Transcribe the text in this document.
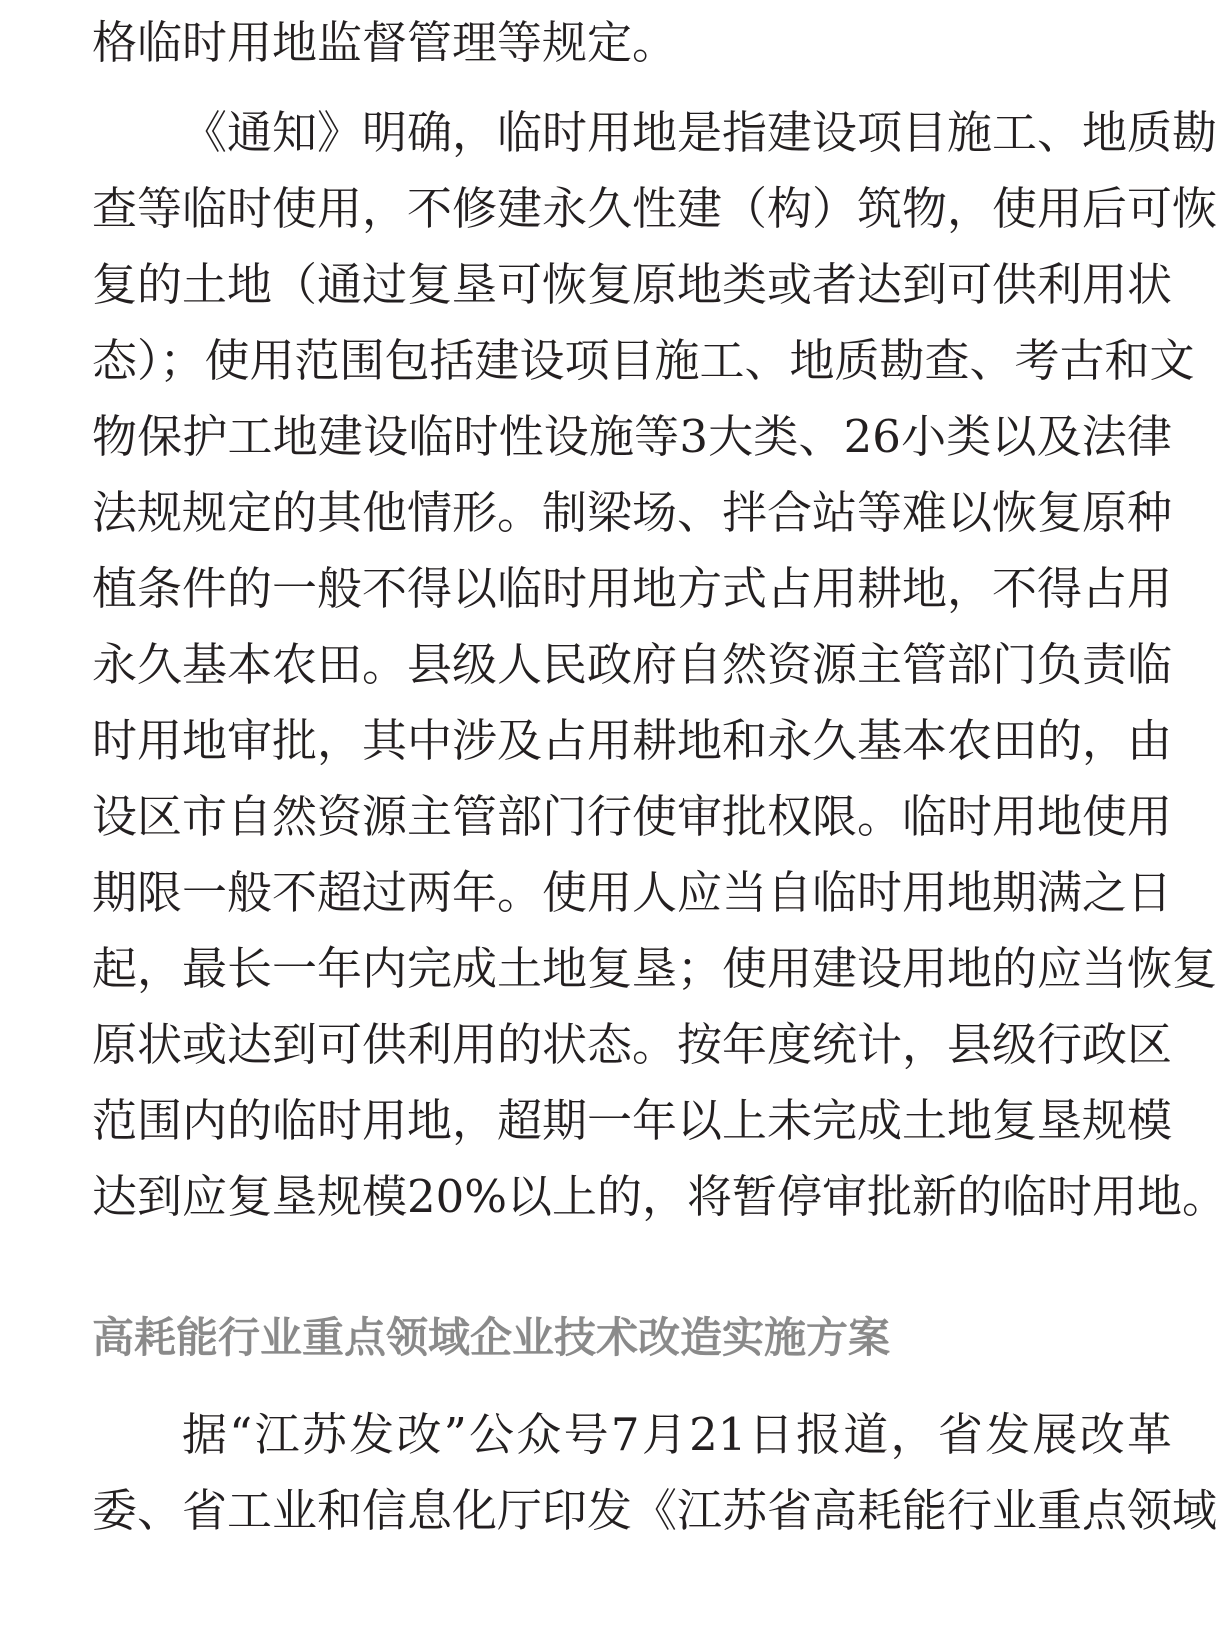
格临时用地监督管理等规定。
《通知》明确，临时用地是指建设项目施工、地质勘
查等临时使用，不修建永久性建（构）筑物，使用后可恢
复的土地（通过复垦可恢复原地类或者达到可供利用状
态）；使用范围包括建设项目施工、地质勘查、考古和文
物保护工地建设临时性设施等3大类、26小类以及法律
法规规定的其他情形。制梁场、拌合站等难以恢复原种
植条件的一般不得以临时用地方式占用耕地，不得占用
永久基本农田。县级人民政府自然资源主管部门负责临
时用地审批，其中涉及占用耕地和永久基本农田的，由
设区市自然资源主管部门行使审批权限。临时用地使用
期限一般不超过两年。使用人应当自临时用地期满之日
起，最长一年内完成土地复垦；使用建设用地的应当恢复
原状或达到可供利用的状态。按年度统计，县级行政区
范围内的临时用地，超期一年以上未完成土地复垦规模
达到应复垦规模20%以上的，将暂停审批新的临时用地。
高耗能行业重点领域企业技术改造实施方案
据“江苏发改”公众号7月21日报道，省发展改革
委、省工业和信息化厅印发《江苏省高耗能行业重点领域
